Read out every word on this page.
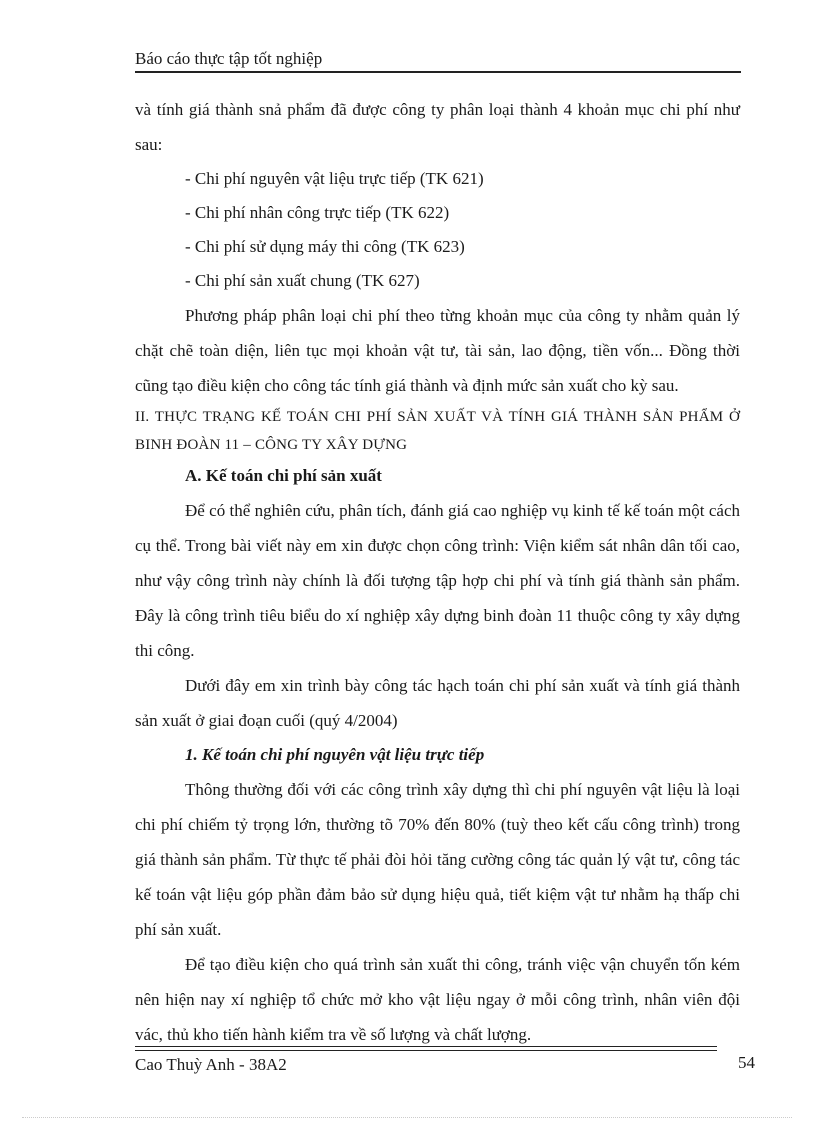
Báo cáo thực tập tốt nghiệp

và tính giá thành snả phẩm đã được công ty phân loại thành 4 khoản mục chi phí như sau:

- Chi phí nguyên vật liệu trực tiếp (TK 621)

- Chi phí nhân công trực tiếp (TK 622)

- Chi phí sử dụng máy thi công (TK 623)

- Chi phí sản xuất chung (TK 627)

Phương pháp phân loại chi phí theo từng khoản mục của công ty nhằm quản lý chặt chẽ toàn diện, liên tục mọi khoản vật tư, tài sản, lao động, tiền vốn... Đồng thời cũng tạo điều kiện cho công tác tính giá thành và định mức sản xuất cho kỳ sau.

II. THỰC TRẠNG KẾ TOÁN CHI PHÍ SẢN XUẤT VÀ TÍNH GIÁ THÀNH SẢN PHẨM Ở BINH ĐOÀN 11 – CÔNG TY XÂY DỰNG

A. Kế toán chi phí sản xuất

Để có thể nghiên cứu, phân tích, đánh giá cao nghiệp vụ kinh tế kế toán một cách cụ thể. Trong bài viết này em xin được chọn công trình: Viện kiểm sát nhân dân tối cao, như vậy công trình này chính là đối tượng tập hợp chi phí và tính giá thành sản phẩm. Đây là công trình tiêu biểu do xí nghiệp xây dựng binh đoàn 11 thuộc công ty xây dựng thi công.

Dưới đây em xin trình bày công tác hạch toán chi phí sản xuất và tính giá thành sản xuất ở giai đoạn cuối (quý 4/2004)

1. Kế toán chi phí nguyên vật liệu trực tiếp

Thông thường đối với các công trình xây dựng thì chi phí nguyên vật liệu là loại chi phí chiếm tỷ trọng lớn, thường tõ 70% đến 80% (tuỳ theo kết cấu công trình) trong giá thành sản phẩm. Từ thực tế phải đòi hỏi tăng cường công tác quản lý vật tư, công tác kế toán vật liệu góp phần đảm bảo sử dụng hiệu quả, tiết kiệm vật tư nhằm hạ thấp chi phí sản xuất.

Để tạo điều kiện cho quá trình sản xuất thi công, tránh việc vận chuyển tốn kém nên hiện nay xí nghiệp tổ chức mở kho vật liệu ngay ở mỗi công trình, nhân viên đội vác, thủ kho tiến hành kiểm tra về số lượng và chất lượng.

Cao Thuỳ Anh - 38A2	54
